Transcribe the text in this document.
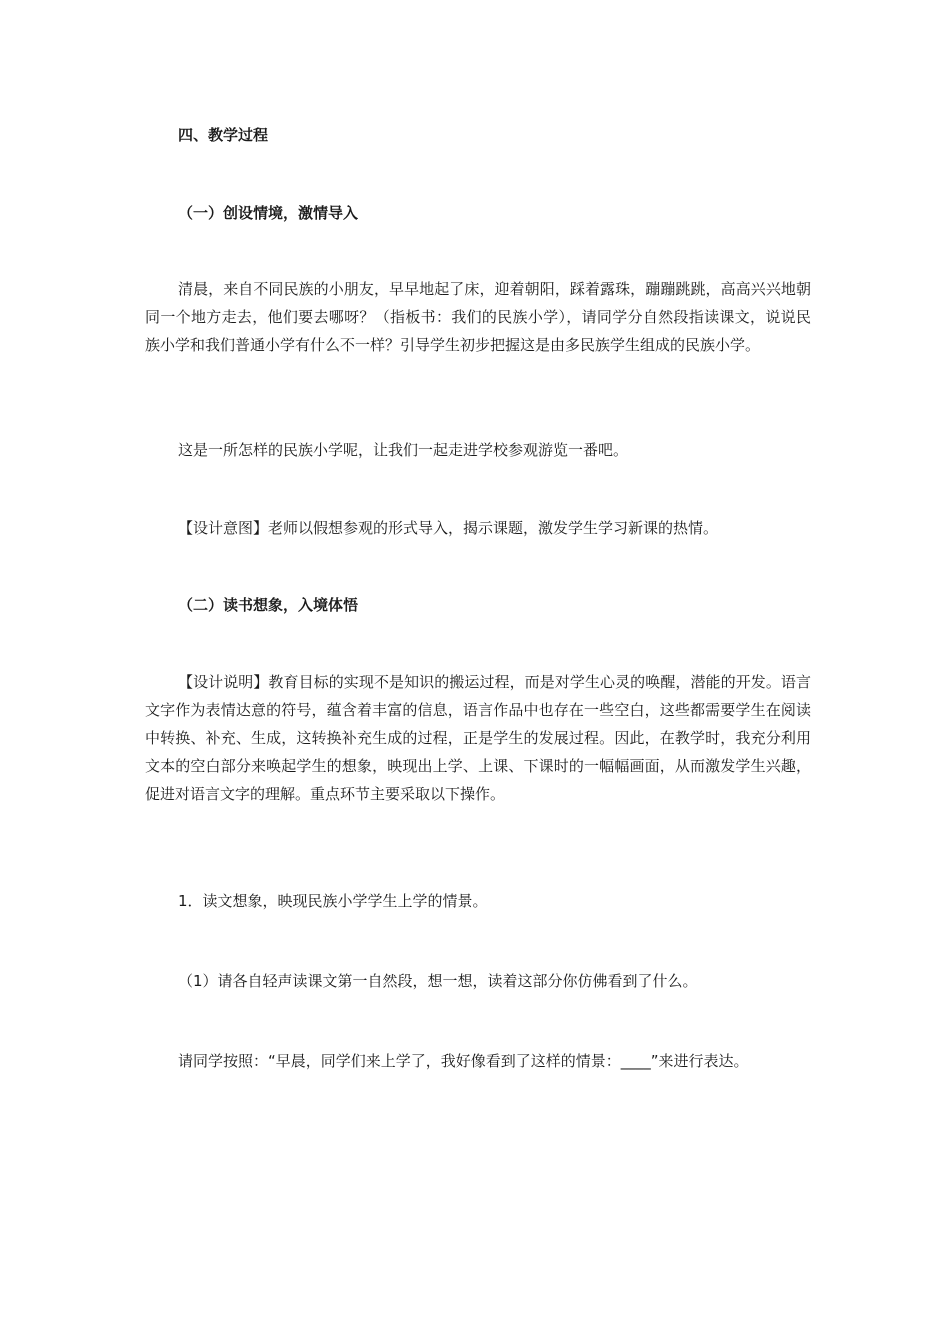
四、教学过程

（一）创设情境，激情导入

清晨，来自不同民族的小朋友，早早地起了床，迎着朝阳，踩着露珠，蹦蹦跳跳，高高兴兴地朝同一个地方走去，他们要去哪呀？（指板书：我们的民族小学），请同学分自然段指读课文，说说民族小学和我们普通小学有什么不一样？引导学生初步把握这是由多民族学生组成的民族小学。

这是一所怎样的民族小学呢，让我们一起走进学校参观游览一番吧。

【设计意图】老师以假想参观的形式导入，揭示课题，激发学生学习新课的热情。

（二）读书想象，入境体悟

【设计说明】教育目标的实现不是知识的搬运过程，而是对学生心灵的唤醒，潜能的开发。语言文字作为表情达意的符号，蕴含着丰富的信息，语言作品中也存在一些空白，这些都需要学生在阅读中转换、补充、生成，这转换补充生成的过程，正是学生的发展过程。因此，在教学时，我充分利用文本的空白部分来唤起学生的想象，映现出上学、上课、下课时的一幅幅画面，从而激发学生兴趣，促进对语言文字的理解。重点环节主要采取以下操作。

1．读文想象，映现民族小学学生上学的情景。

（1）请各自轻声读课文第一自然段，想一想，读着这部分你仿佛看到了什么。

请同学按照：“早晨，同学们来上学了，我好像看到了这样的情景：____”来进行表达。
